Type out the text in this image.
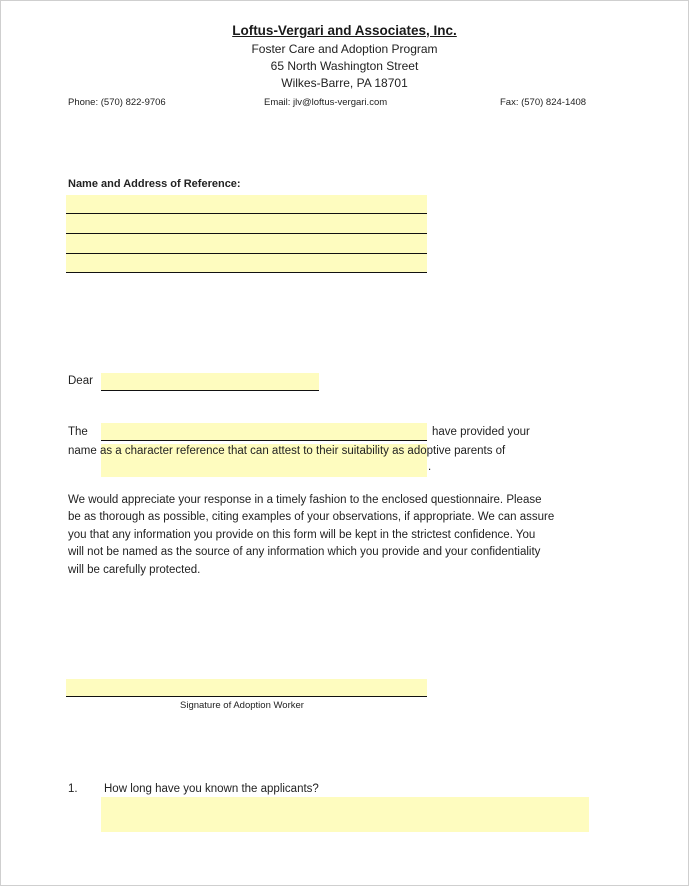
Loftus-Vergari and Associates, Inc.
Foster Care and Adoption Program
65 North Washington Street
Wilkes-Barre, PA 18701
Phone: (570) 822-9706	Email: jlv@loftus-vergari.com	Fax: (570) 824-1408
Name and Address of Reference:
Dear
The	have provided your
name as a character reference that can attest to their suitability as adoptive parents of
.
We would appreciate your response in a timely fashion to the enclosed questionnaire. Please
be as thorough as possible, citing examples of your observations, if appropriate. We can assure
you that any information you provide on this form will be kept in the strictest confidence. You
will not be named as the source of any information which you provide and your confidentiality
will be carefully protected.
Signature of Adoption Worker
1. How long have you known the applicants?
